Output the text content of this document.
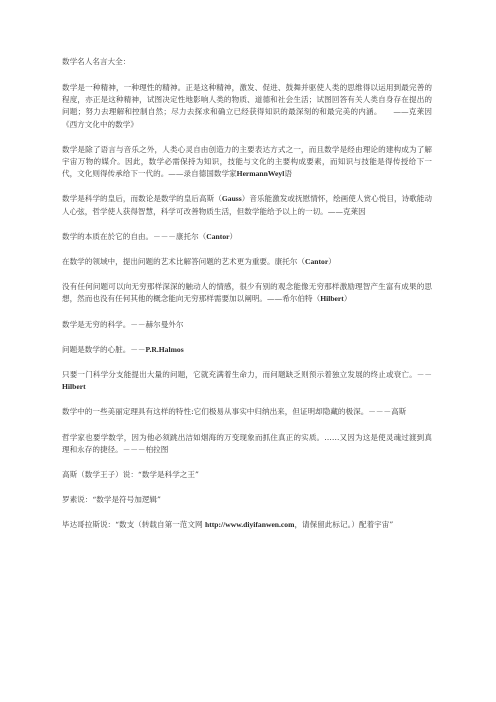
数学名人名言大全：

数学是一种精神，一种理性的精神。正是这种精神，激发、促进、鼓舞并驱使人类的思维得以运用到最完善的程度，亦正是这种精神，试图决定性地影响人类的物质、道德和社会生活；试图回答有关人类自身存在提出的问题；努力去理解和控制自然；尽力去探求和确立已经获得知识的最深刻的和最完美的内涵。　　——克莱因《西方文化中的数学》

数学是除了语言与音乐之外，人类心灵自由创造力的主要表达方式之一，而且数学是经由理论的建构成为了解宇宙万物的媒介。因此，数学必需保持为知识，技能与文化的主要构成要素，而知识与技能是得传授给下一代，文化则得传承给下一代的。——录自德国数学家HermannWeyl语

数学是科学的皇后，而数论是数学的皇后高斯（Gauss）音乐能激发或抚慰情怀，绘画使人赏心悦目，诗歌能动人心弦，哲学使人获得智慧，科学可改善物质生活，但数学能给予以上的一切。——克莱因

数学的本质在於它的自由。－－－康托尔（Cantor）

在数学的领域中，提出问题的艺术比解答问题的艺术更为重要。康托尔（Cantor）

没有任何问题可以向无穷那样深深的触动人的情感，很少有别的观念能像无穷那样激励理智产生富有成果的思想，然而也没有任何其他的概念能向无穷那样需要加以阐明。——希尔伯特（Hilbert）

数学是无穷的科学。－－赫尔曼外尔

问题是数学的心脏。－－P.R.Halmos

只要一门科学分支能提出大量的问题，它就充满着生命力，而问题缺乏则预示着独立发展的终止或衰亡。－－Hilbert

数学中的一些美丽定理具有这样的特性:它们极易从事实中归纳出来，但证明却隐藏的极深。－－－高斯

哲学家也要学数学，因为他必须跳出洁如烟海的万变现象而抓住真正的实质。……又因为这是使灵魂过渡到真理和永存的捷径。－－－柏拉图

高斯（数学王子）说：“数学是科学之王”

罗素说：“数学是符号加逻辑”

毕达哥拉斯说：“数支（转载自第一范文网 http://www.diyifanwen.com，请保留此标记。）配着宇宙”
